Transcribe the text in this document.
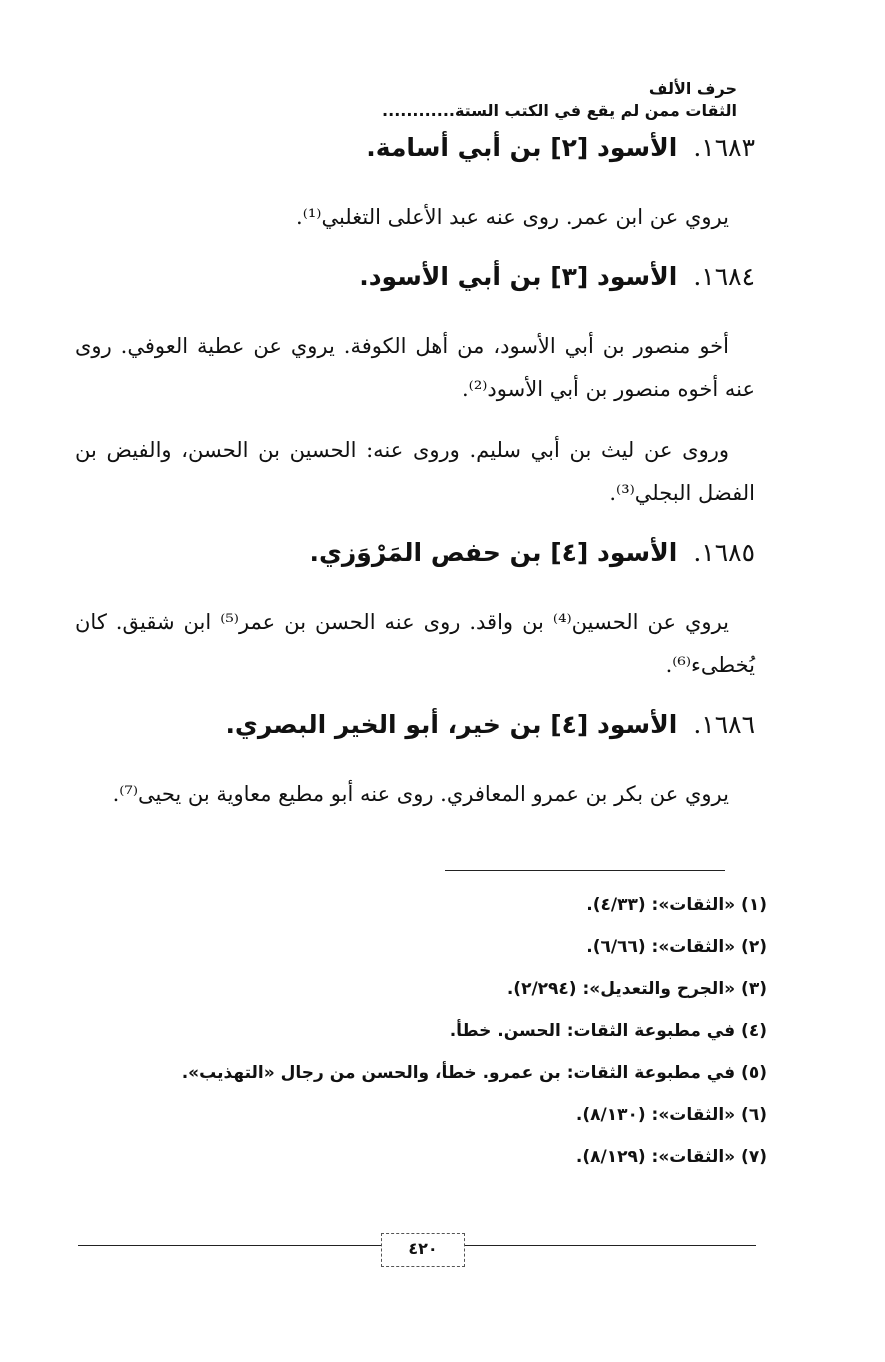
حرف الألف
الثقات ممن لم يقع في الكتب الستة............
١٦٨٣.الأسود [٢] بن أبي أسامة.

يروي عن ابن عمر. روى عنه عبد الأعلى التغلبي⁽¹⁾.

١٦٨٤.الأسود [٣] بن أبي الأسود.

أخو منصور بن أبي الأسود، من أهل الكوفة. يروي عن عطية العوفي. روى عنه أخوه منصور بن أبي الأسود⁽²⁾.

وروى عن ليث بن أبي سليم. وروى عنه: الحسين بن الحسن، والفيض بن الفضل البجلي⁽³⁾.

١٦٨٥.الأسود [٤] بن حفص المَرْوَزي.

يروي عن الحسين⁽⁴⁾ بن واقد. روى عنه الحسن بن عمر⁽⁵⁾ ابن شقيق. كان يُخطىء⁽⁶⁾.

١٦٨٦.الأسود [٤] بن خير، أبو الخير البصري.

يروي عن بكر بن عمرو المعافري. روى عنه أبو مطيع معاوية بن يحيى⁽⁷⁾.

(١) «الثقات»: (٤/٣٣).

(٢) «الثقات»: (٦/٦٦).

(٣) «الجرح والتعديل»: (٢/٢٩٤).

(٤) في مطبوعة الثقات: الحسن. خطأ.

(٥) في مطبوعة الثقات: بن عمرو. خطأ، والحسن من رجال «التهذيب».

(٦) «الثقات»: (٨/١٣٠).

(٧) «الثقات»: (٨/١٢٩).

٤٢٠
